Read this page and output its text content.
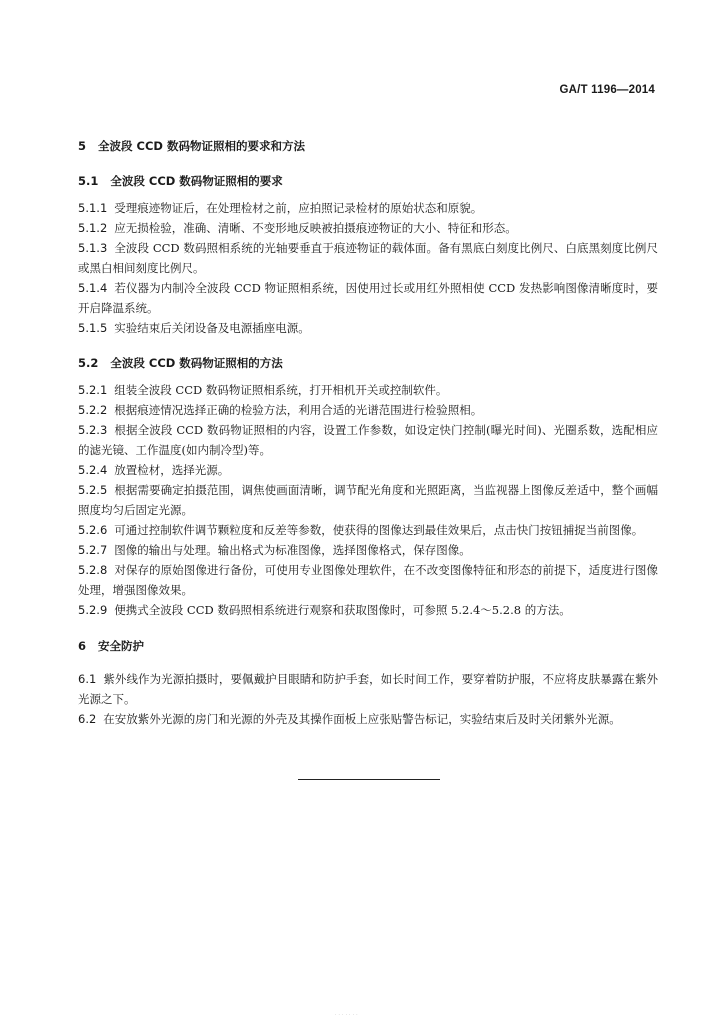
GA/T 1196—2014
5 全波段 CCD 数码物证照相的要求和方法
5.1 全波段 CCD 数码物证照相的要求
5.1.1 受理痕迹物证后，在处理检材之前，应拍照记录检材的原始状态和原貌。
5.1.2 应无损检验，准确、清晰、不变形地反映被拍摄痕迹物证的大小、特征和形态。
5.1.3 全波段 CCD 数码照相系统的光轴要垂直于痕迹物证的载体面。备有黑底白刻度比例尺、白底黑刻度比例尺或黑白相间刻度比例尺。
5.1.4 若仪器为内制冷全波段 CCD 物证照相系统，因使用过长或用红外照相使 CCD 发热影响图像清晰度时，要开启降温系统。
5.1.5 实验结束后关闭设备及电源插座电源。
5.2 全波段 CCD 数码物证照相的方法
5.2.1 组装全波段 CCD 数码物证照相系统，打开相机开关或控制软件。
5.2.2 根据痕迹情况选择正确的检验方法，利用合适的光谱范围进行检验照相。
5.2.3 根据全波段 CCD 数码物证照相的内容，设置工作参数，如设定快门控制(曝光时间)、光圈系数，选配相应的滤光镜、工作温度(如内制冷型)等。
5.2.4 放置检材，选择光源。
5.2.5 根据需要确定拍摄范围，调焦使画面清晰，调节配光角度和光照距离，当监视器上图像反差适中，整个画幅照度均匀后固定光源。
5.2.6 可通过控制软件调节颗粒度和反差等参数，使获得的图像达到最佳效果后，点击快门按钮捕捉当前图像。
5.2.7 图像的输出与处理。输出格式为标准图像，选择图像格式，保存图像。
5.2.8 对保存的原始图像进行备份，可使用专业图像处理软件，在不改变图像特征和形态的前提下，适度进行图像处理，增强图像效果。
5.2.9 便携式全波段 CCD 数码照相系统进行观察和获取图像时，可参照 5.2.4～5.2.8 的方法。
6 安全防护
6.1 紫外线作为光源拍摄时，要佩戴护目眼睛和防护手套，如长时间工作，要穿着防护服，不应将皮肤暴露在紫外光源之下。
6.2 在安放紫外光源的房门和光源的外壳及其操作面板上应张贴警告标记，实验结束后及时关闭紫外光源。
· · · · · · ·
